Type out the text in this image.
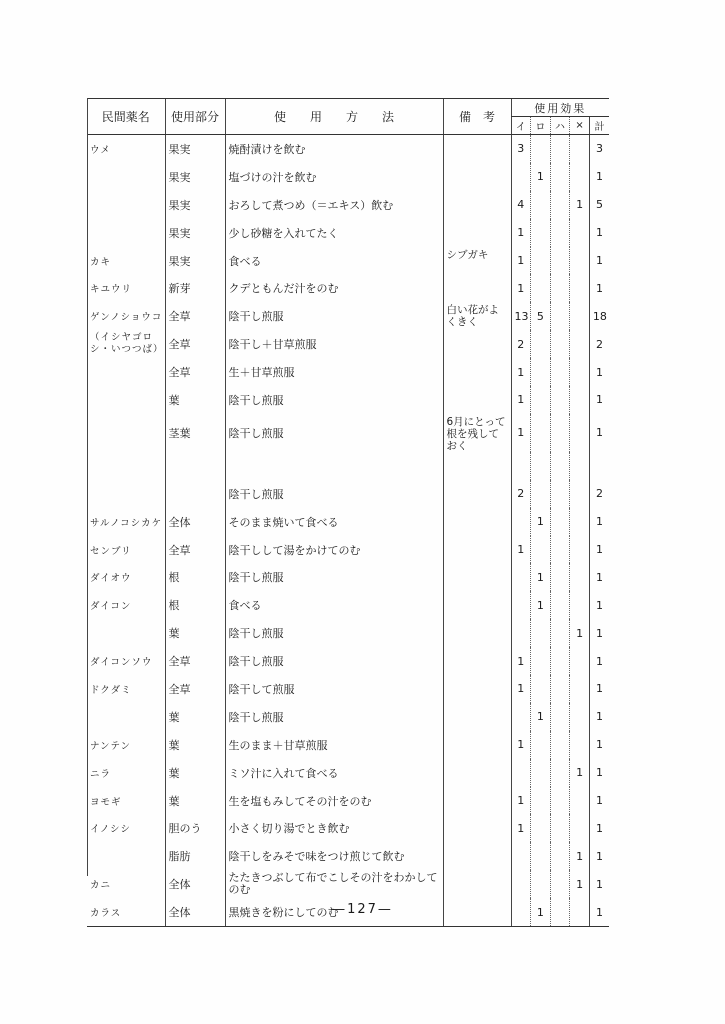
民間薬名	使用部分	使　　用　　方　　法	備　考	使用効果				
				イ	ロ	ハ	×	計
ウメ	果実	焼酎漬けを飲む		3				3
	果実	塩づけの汁を飲む			1			1
	果実	おろして煮つめ（＝エキス）飲む		4			1	5
	果実	少し砂糖を入れてたく		1				1
カキ	果実	食べる	シブガキ	1				1
キユウリ	新芽	クデともんだ汁をのむ		1				1
ゲンノショウコ	全草	陰干し煎服	白い花がよくきく	13	5			18
（イシヤゴロシ・いつつば）	全草	陰干し＋甘草煎服		2				2
	全草	生＋甘草煎服		1				1
	葉	陰干し煎服		1				1
	茎葉	陰干し煎服	6月にとって根を残しておく	1				1

		陰干し煎服		2				2
サルノコシカケ	全体	そのまま焼いて食べる			1			1
センブリ	全草	陰干しして湯をかけてのむ		1				1
ダイオウ	根	陰干し煎服			1			1
ダイコン	根	食べる			1			1
	葉	陰干し煎服					1	1
ダイコンソウ	全草	陰干し煎服		1				1
ドクダミ	全草	陰干して煎服		1				1
	葉	陰干し煎服			1			1
ナンテン	葉	生のまま＋甘草煎服		1				1
ニラ	葉	ミソ汁に入れて食べる					1	1
ヨモギ	葉	生を塩もみしてその汁をのむ		1				1
イノシシ	胆のう	小さく切り湯でとき飲む		1				1
	脂肪	陰干しをみそで味をつけ煎じて飲む					1	1
カニ	全体	たたきつぶして布でこしその汁をわかしてのむ					1	1
カラス	全体	黒焼きを粉にしてのむ			1			1
—127—
